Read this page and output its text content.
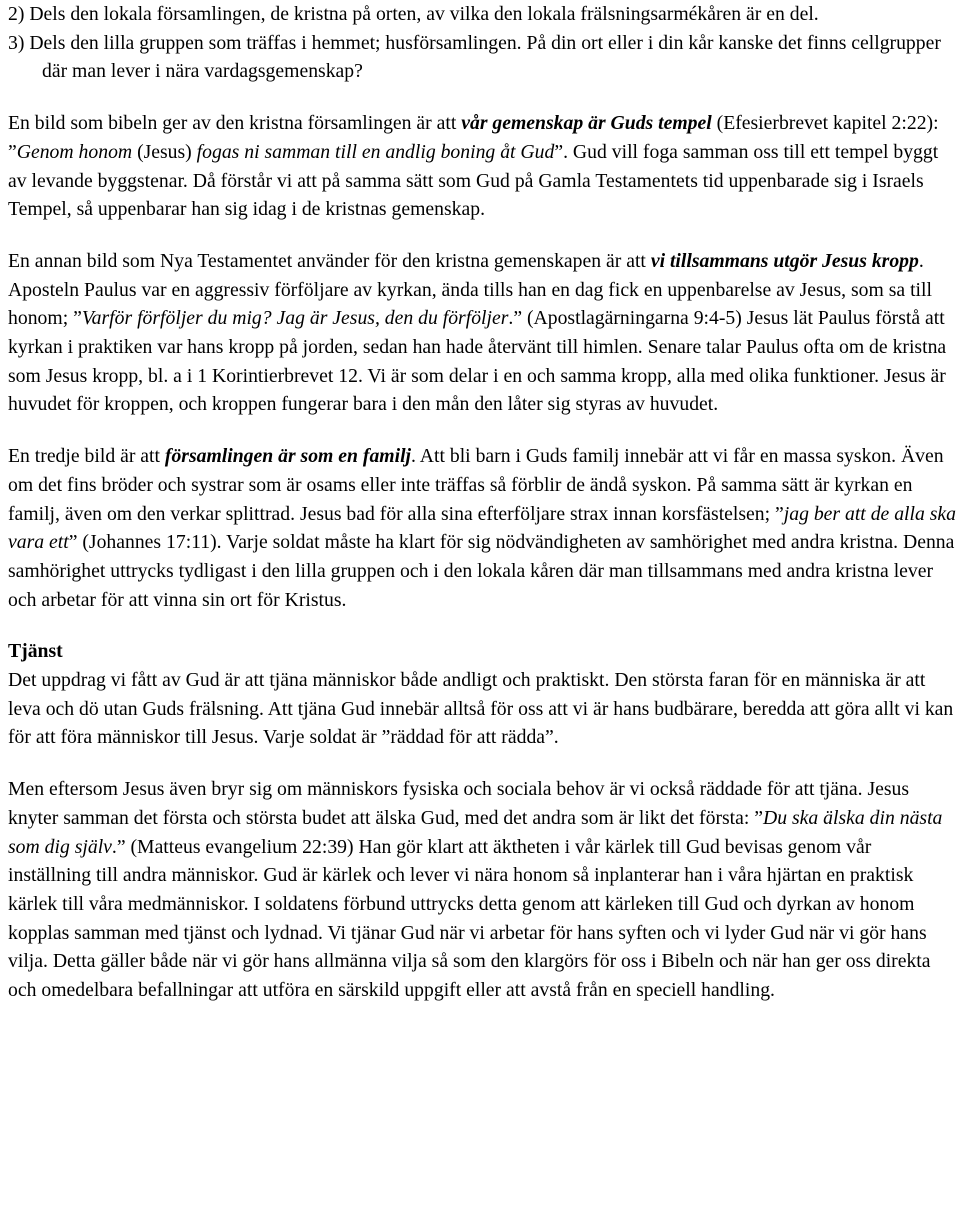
2) Dels den lokala församlingen, de kristna på orten, av vilka den lokala frälsningsarmékåren är en del.

3) Dels den lilla gruppen som träffas i hemmet; husförsamlingen. På din ort eller i din kår kanske det finns cellgrupper där man lever i nära vardagsgemenskap?

En bild som bibeln ger av den kristna församlingen är att vår gemenskap är Guds tempel (Efesierbrevet kapitel 2:22): ”Genom honom (Jesus) fogas ni samman till en andlig boning åt Gud”. Gud vill foga samman oss till ett tempel byggt av levande byggstenar. Då förstår vi att på samma sätt som Gud på Gamla Testamentets tid uppenbarade sig i Israels Tempel, så uppenbarar han sig idag i de kristnas gemenskap.

En annan bild som Nya Testamentet använder för den kristna gemenskapen är att vi tillsammans utgör Jesus kropp. Aposteln Paulus var en aggressiv förföljare av kyrkan, ända tills han en dag fick en uppenbarelse av Jesus, som sa till honom; ”Varför förföljer du mig? Jag är Jesus, den du förföljer.” (Apostlagärningarna 9:4-5) Jesus lät Paulus förstå att kyrkan i praktiken var hans kropp på jorden, sedan han hade återvänt till himlen. Senare talar Paulus ofta om de kristna som Jesus kropp, bl. a i 1 Korintierbrevet 12. Vi är som delar i en och samma kropp, alla med olika funktioner. Jesus är huvudet för kroppen, och kroppen fungerar bara i den mån den låter sig styras av huvudet.

En tredje bild är att församlingen är som en familj. Att bli barn i Guds familj innebär att vi får en massa syskon. Även om det fins bröder och systrar som är osams eller inte träffas så förblir de ändå syskon. På samma sätt är kyrkan en familj, även om den verkar splittrad. Jesus bad för alla sina efterföljare strax innan korsfästelsen; ”jag ber att de alla ska vara ett” (Johannes 17:11). Varje soldat måste ha klart för sig nödvändigheten av samhörighet med andra kristna. Denna samhörighet uttrycks tydligast i den lilla gruppen och i den lokala kåren där man tillsammans med andra kristna lever och arbetar för att vinna sin ort för Kristus.

Tjänst

Det uppdrag vi fått av Gud är att tjäna människor både andligt och praktiskt. Den största faran för en människa är att leva och dö utan Guds frälsning. Att tjäna Gud innebär alltså för oss att vi är hans budbärare, beredda att göra allt vi kan för att föra människor till Jesus. Varje soldat är ”räddad för att rädda”.

Men eftersom Jesus även bryr sig om människors fysiska och sociala behov är vi också räddade för att tjäna. Jesus knyter samman det första och största budet att älska Gud, med det andra som är likt det första: ”Du ska älska din nästa som dig själv.” (Matteus evangelium 22:39) Han gör klart att äktheten i vår kärlek till Gud bevisas genom vår inställning till andra människor. Gud är kärlek och lever vi nära honom så inplanterar han i våra hjärtan en praktisk kärlek till våra medmänniskor. I soldatens förbund uttrycks detta genom att kärleken till Gud och dyrkan av honom kopplas samman med tjänst och lydnad. Vi tjänar Gud när vi arbetar för hans syften och vi lyder Gud när vi gör hans vilja. Detta gäller både när vi gör hans allmänna vilja så som den klargörs för oss i Bibeln och när han ger oss direkta och omedelbara befallningar att utföra en särskild uppgift eller att avstå från en speciell handling.
